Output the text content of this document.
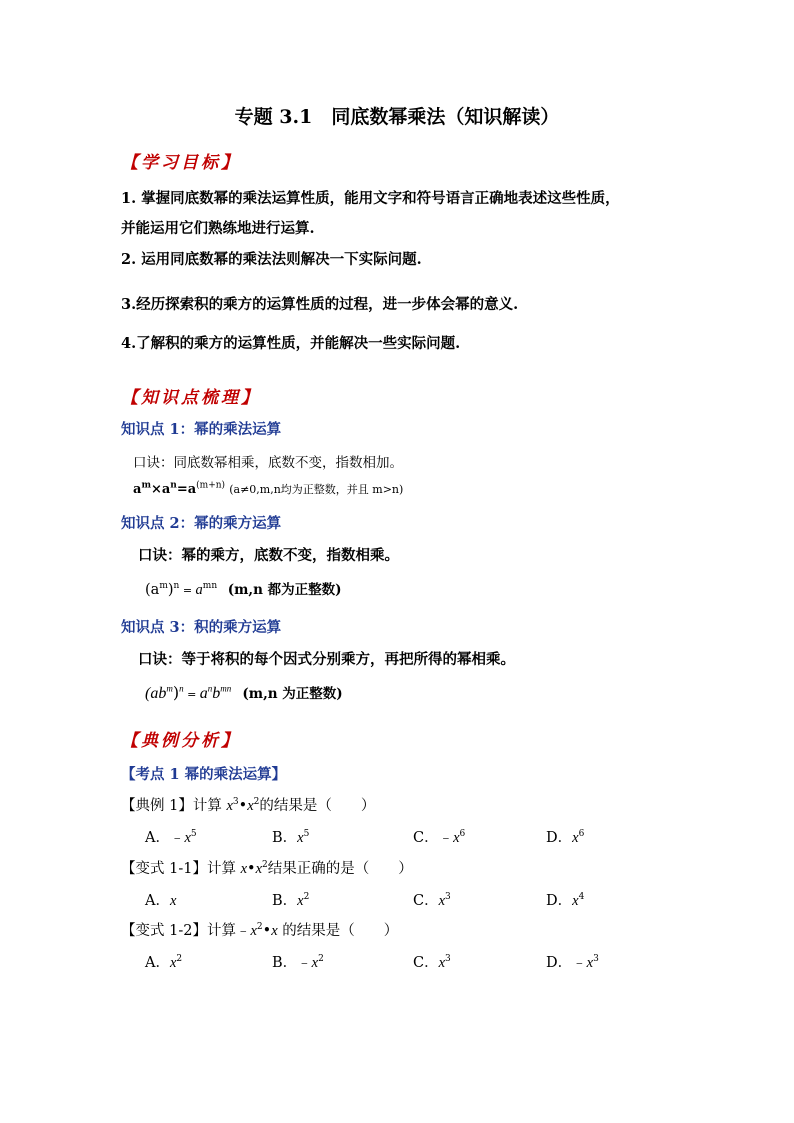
专题 3.1　同底数幂乘法（知识解读）
【学习目标】
1. 掌握同底数幂的乘法运算性质，能用文字和符号语言正确地表述这些性质，
并能运用它们熟练地进行运算.
2. 运用同底数幂的乘法法则解决一下实际问题.
3.经历探索积的乘方的运算性质的过程，进一步体会幂的意义.
4.了解积的乘方的运算性质，并能解决一些实际问题.
【知识点梳理】
知识点 1：幂的乘法运算
口诀：同底数幂相乘，底数不变，指数相加。
$a^m\times a^n=a^{(m+n)}$ (a≠0,m,n均为正整数，并且 m>n)
知识点 2：幂的乘方运算
口诀：幂的乘方，底数不变，指数相乘。
$(a^m)^n = a^{mn}$ (m,n 都为正整数)
知识点 3：积的乘方运算
口诀：等于将积的每个因式分别乘方，再把所得的幂相乘。
$(ab^m)^n = a^nb^{mn}$ (m,n 为正整数)
【典例分析】
【考点 1 幂的乘法运算】
【典例 1】计算 $x^3•x^2$的结果是（　　）
A．$﹣x^5$	B．$x^5$	C．$﹣x^6$	D．$x^6$
【变式 1-1】计算 $x•x^2$结果正确的是（　　）
A．x	B．$x^2$	C．$x^3$	D．$x^4$
【变式 1-2】计算$﹣x^2•x$ 的结果是（　　）
A．$x^2$	B．$﹣x^2$	C．$x^3$	D．$﹣x^3$
